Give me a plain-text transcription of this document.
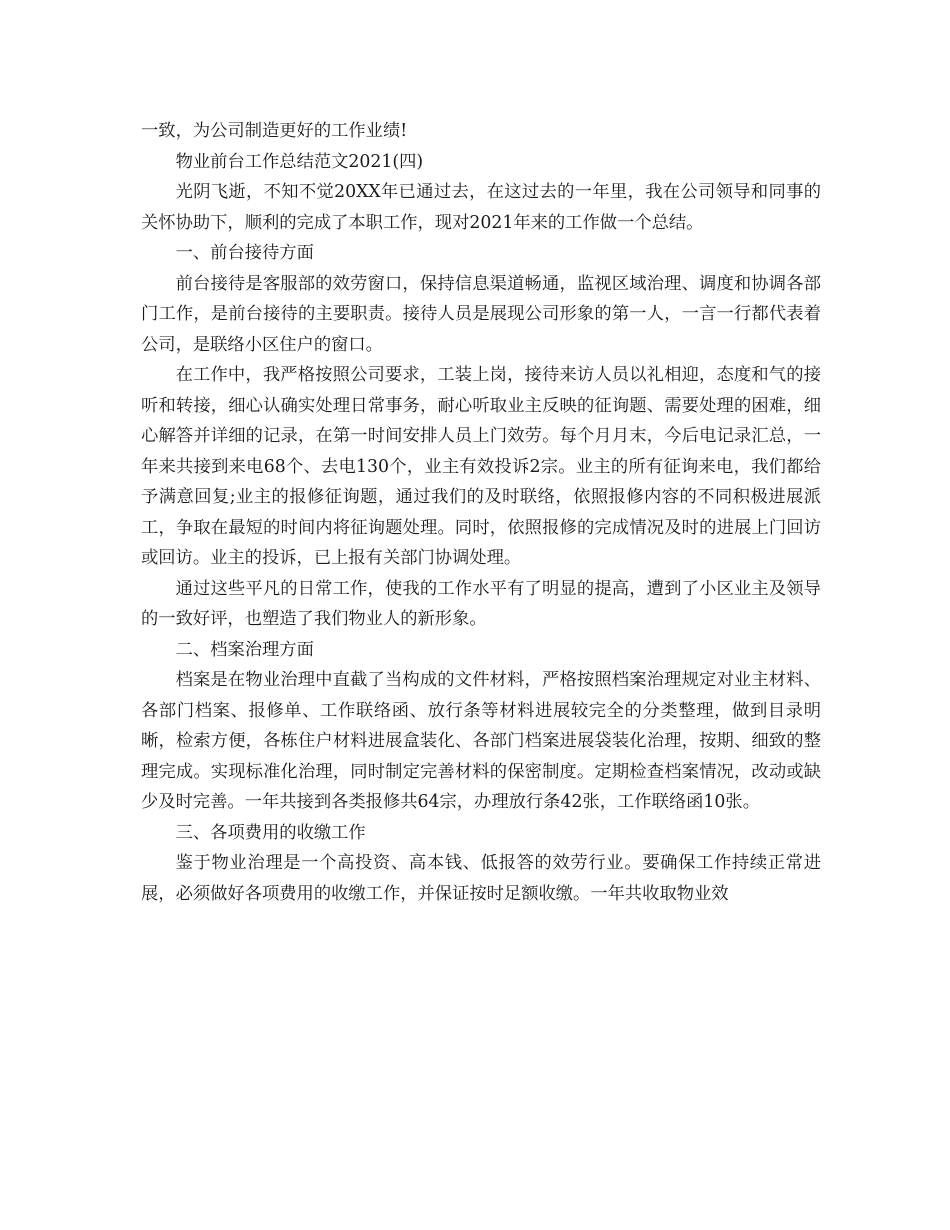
一致，为公司制造更好的工作业绩!

物业前台工作总结范文2021(四)

光阴飞逝，不知不觉20XX年已通过去，在这过去的一年里，我在公司领导和同事的关怀协助下，顺利的完成了本职工作，现对2021年来的工作做一个总结。

一、前台接待方面

前台接待是客服部的效劳窗口，保持信息渠道畅通，监视区域治理、调度和协调各部门工作，是前台接待的主要职责。接待人员是展现公司形象的第一人，一言一行都代表着公司，是联络小区住户的窗口。

在工作中，我严格按照公司要求，工装上岗，接待来访人员以礼相迎，态度和气的接听和转接，细心认确实处理日常事务，耐心听取业主反映的征询题、需要处理的困难，细心解答并详细的记录，在第一时间安排人员上门效劳。每个月月末，今后电记录汇总，一年来共接到来电68个、去电130个，业主有效投诉2宗。业主的所有征询来电，我们都给予满意回复;业主的报修征询题，通过我们的及时联络，依照报修内容的不同积极进展派工，争取在最短的时间内将征询题处理。同时，依照报修的完成情况及时的进展上门回访或回访。业主的投诉，已上报有关部门协调处理。

通过这些平凡的日常工作，使我的工作水平有了明显的提高，遭到了小区业主及领导的一致好评，也塑造了我们物业人的新形象。

二、档案治理方面

档案是在物业治理中直截了当构成的文件材料，严格按照档案治理规定对业主材料、各部门档案、报修单、工作联络函、放行条等材料进展较完全的分类整理，做到目录明晰，检索方便，各栋住户材料进展盒装化、各部门档案进展袋装化治理，按期、细致的整理完成。实现标准化治理，同时制定完善材料的保密制度。定期检查档案情况，改动或缺少及时完善。一年共接到各类报修共64宗，办理放行条42张，工作联络函10张。

三、各项费用的收缴工作

鉴于物业治理是一个高投资、高本钱、低报答的效劳行业。要确保工作持续正常进展，必须做好各项费用的收缴工作，并保证按时足额收缴。一年共收取物业效
